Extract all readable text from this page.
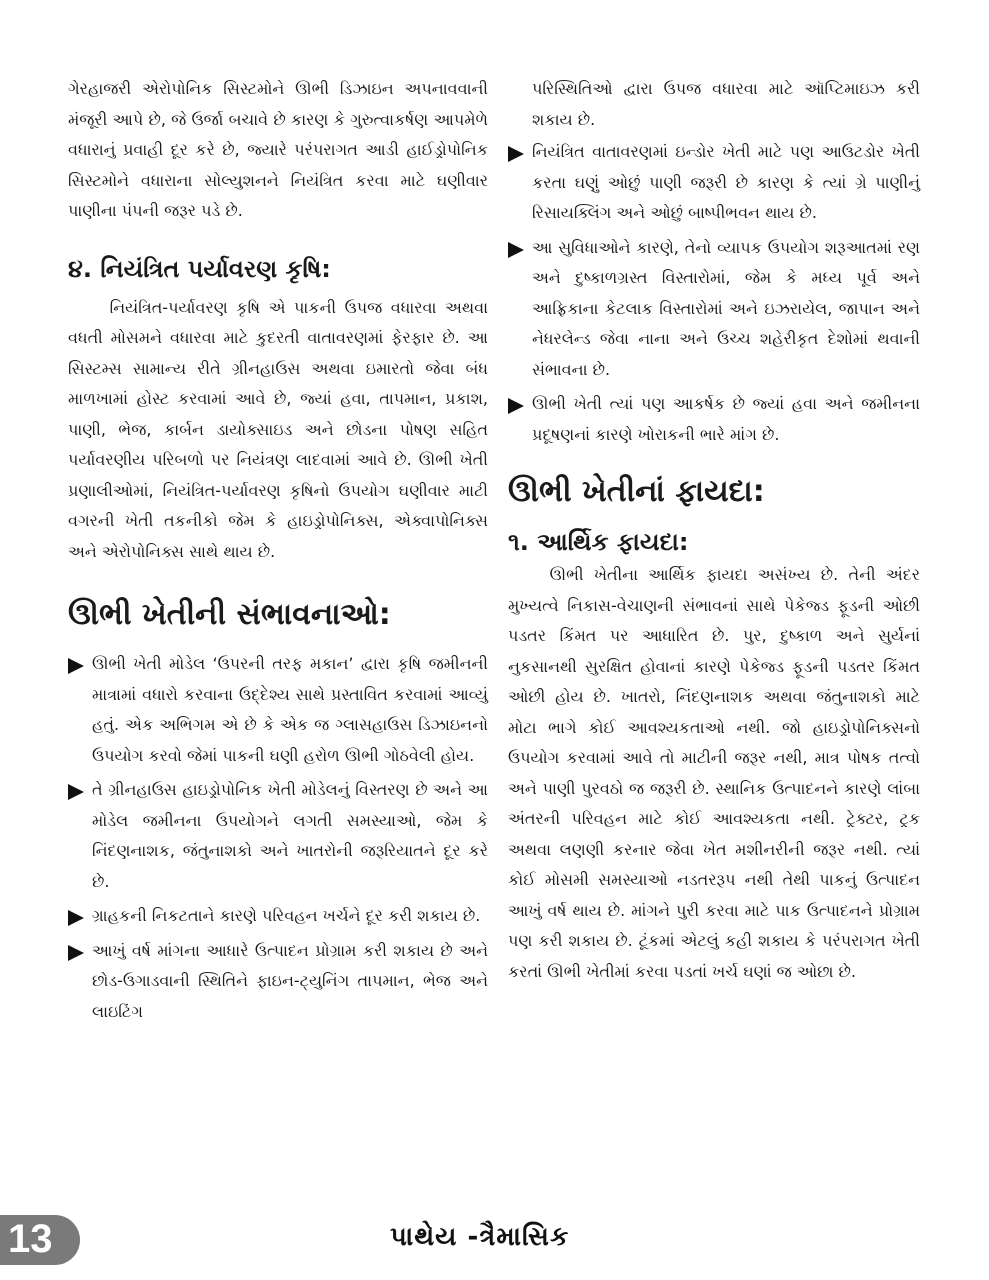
ગેરહાજરી એરોપોનિક સિસ્ટમોને ઊભી ડિઝાઇન અપનાવવાની મંજૂરી આપે છે, જે ઉર્જા બચાવે છે કારણ કે ગુરુત્વાકર્ષણ આપમેળે વધારાનું પ્રવાહી દૂર કરે છે, જ્યારે પરંપરાગત આડી હાઈડ્રોપોનિક સિસ્ટમોને વધારાના સોલ્યુશનને નિયંત્રિત કરવા માટે ઘણીવાર પાણીના પંપની જરૂર પડે છે.

૪. નિયંત્રિત પર્યાવરણ કૃષિ:

નિયંત્રિત-પર્યાવરણ કૃષિ એ પાકની ઉપજ વધારવા અથવા વધતી મોસમને વધારવા માટે કુદરતી વાતાવરણમાં ફેરફાર છે. આ સિસ્ટમ્સ સામાન્ય રીતે ગ્રીનહાઉસ અથવા ઇમારતો જેવા બંધ માળખામાં હોસ્ટ કરવામાં આવે છે, જ્યાં હવા, તાપમાન, પ્રકાશ, પાણી, ભેજ, કાર્બન ડાયોક્સાઇડ અને છોડના પોષણ સહિત પર્યાવરણીય પરિબળો પર નિયંત્રણ લાદવામાં આવે છે. ઊભી ખેતી પ્રણાલીઓમાં, નિયંત્રિત-પર્યાવરણ કૃષિનો ઉપયોગ ઘણીવાર માટી વગરની ખેતી તકનીકો જેમ કે હાઇડ્રોપોનિક્સ, એક્વાપોનિક્સ અને એરોપોનિક્સ સાથે થાય છે.

ઊભી ખેતીની સંભાવનાઓ:
ઊભી ખેતી મોડેલ ‘ઉપરની તરફ મકાન’ દ્વારા કૃષિ જમીનની માત્રામાં વધારો કરવાના ઉદ્દેશ્ય સાથે પ્રસ્તાવિત કરવામાં આવ્યું હતું. એક અભિગમ એ છે કે એક જ ગ્લાસહાઉસ ડિઝાઇનનો ઉપયોગ કરવો જેમાં પાકની ઘણી હરોળ ઊભી ગોઠવેલી હોય.
તે ગ્રીનહાઉસ હાઇડ્રોપોનિક ખેતી મોડેલનું વિસ્તરણ છે અને આ મોડેલ જમીનના ઉપયોગને લગતી સમસ્યાઓ, જેમ કે નિંદણનાશક, જંતુનાશકો અને ખાતરોની જરૂરિયાતને દૂર કરે છે.
ગ્રાહકની નિકટતાને કારણે પરિવહન ખર્ચને દૂર કરી શકાય છે.
આખું વર્ષ માંગના આધારે ઉત્પાદન પ્રોગ્રામ કરી શકાય છે અને છોડ-ઉગાડવાની સ્થિતિને ફાઇન-ટ્યુનિંગ તાપમાન, ભેજ અને લાઇટિંગ

પરિસ્થિતિઓ દ્વારા ઉપજ વધારવા માટે ઑપ્ટિમાઇઝ કરી શકાય છે.

નિયંત્રિત વાતાવરણમાં ઇન્ડોર ખેતી માટે પણ આઉટડોર ખેતી કરતા ઘણું ઓછું પાણી જરૂરી છે કારણ કે ત્યાં ગ્રે પાણીનું રિસાયક્લિંગ અને ઓછું બાષ્પીભવન થાય છે.
આ સુવિધાઓને કારણે, તેનો વ્યાપક ઉપયોગ શરૂઆતમાં રણ અને દુષ્કાળગ્રસ્ત વિસ્તારોમાં, જેમ કે મધ્ય પૂર્વ અને આફ્રિકાના કેટલાક વિસ્તારોમાં અને ઇઝરાયેલ, જાપાન અને નેધરલેન્ડ જેવા નાના અને ઉચ્ચ શહેરીકૃત દેશોમાં થવાની સંભાવના છે.
ઊભી ખેતી ત્યાં પણ આકર્ષક છે જ્યાં હવા અને જમીનના પ્રદૂષણનાં કારણે ખોરાકની ભારે માંગ છે.
ઊભી ખેતીનાં ફાયદા:
૧. આર્થિક ફાયદા:

ઊભી ખેતીના આર્થિક ફાયદા અસંખ્ય છે. તેની અંદર મુખ્યત્વે નિકાસ-વેચાણની સંભાવનાં સાથે પેકેજ્ડ ફૂડની ઓછી પડતર કિંમત પર આધારિત છે. પુર, દુષ્કાળ અને સુર્યનાં નુકસાનથી સુરક્ષિત હોવાનાં કારણે પેકેજ્ડ ફૂડની પડતર કિંમત ઓછી હોય છે. ખાતરો, નિંદણનાશક અથવા જંતુનાશકો માટે મોટા ભાગે કોઈ આવશ્યકતાઓ નથી. જો હાઇડ્રોપોનિક્સનો ઉપયોગ કરવામાં આવે તો માટીની જરૂર નથી, માત્ર પોષક તત્વો અને પાણી પુરવઠો જ જરૂરી છે. સ્થાનિક ઉત્પાદનને કારણે લાંબા અંતરની પરિવહન માટે કોઈ આવશ્યકતા નથી. ટ્રેક્ટર, ટ્રક અથવા લણણી કરનાર જેવા ખેત મશીનરીની જરૂર નથી. ત્યાં કોઈ મોસમી સમસ્યાઓ નડતરરૂપ નથી તેથી પાકનું ઉત્પાદન આખું વર્ષ થાય છે. માંગને પુરી કરવા માટે પાક ઉત્પાદનને પ્રોગ્રામ પણ કરી શકાય છે. ટૂંકમાં એટલું કહી શકાય કે પરંપરાગત ખેતી કરતાં ઊભી ખેતીમાં કરવા પડતાં ખર્ચ ઘણાં જ ઓછા છે.

13	પાથેય -ત્રૈમાસિક
